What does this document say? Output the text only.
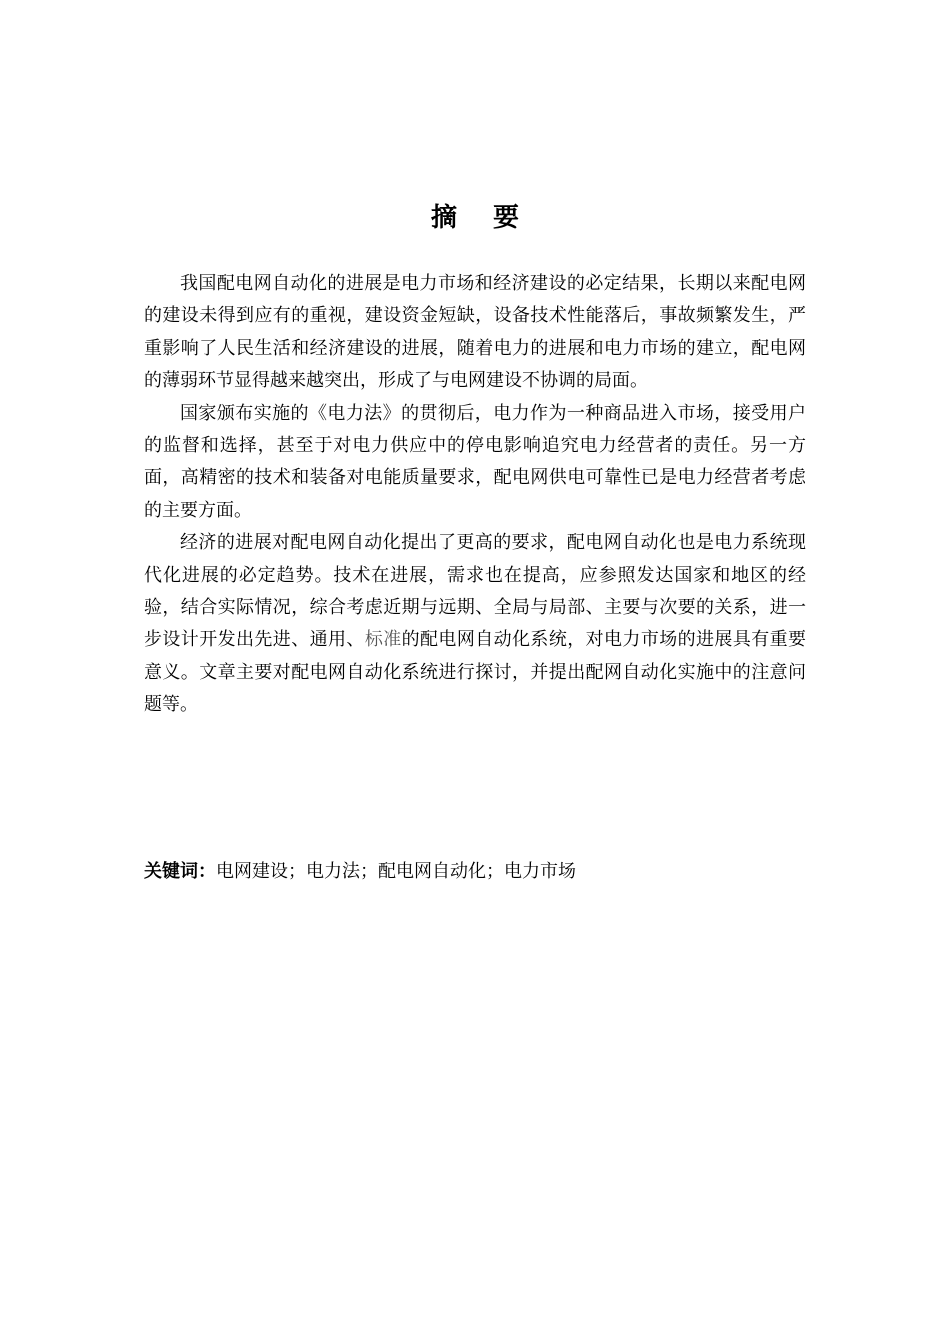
摘 要

我国配电网自动化的进展是电力市场和经济建设的必定结果，长期以来配电网的建设未得到应有的重视，建设资金短缺，设备技术性能落后，事故频繁发生，严重影响了人民生活和经济建设的进展，随着电力的进展和电力市场的建立，配电网的薄弱环节显得越来越突出，形成了与电网建设不协调的局面。

国家颁布实施的《电力法》的贯彻后，电力作为一种商品进入市场，接受用户的监督和选择，甚至于对电力供应中的停电影响追究电力经营者的责任。另一方面，高精密的技术和装备对电能质量要求，配电网供电可靠性已是电力经营者考虑的主要方面。

经济的进展对配电网自动化提出了更高的要求，配电网自动化也是电力系统现代化进展的必定趋势。技术在进展，需求也在提高，应参照发达国家和地区的经验，结合实际情况，综合考虑近期与远期、全局与局部、主要与次要的关系，进一步设计开发出先进、通用、标准的配电网自动化系统，对电力市场的进展具有重要意义。文章主要对配电网自动化系统进行探讨，并提出配网自动化实施中的注意问题等。

关键词：电网建设；电力法；配电网自动化；电力市场
